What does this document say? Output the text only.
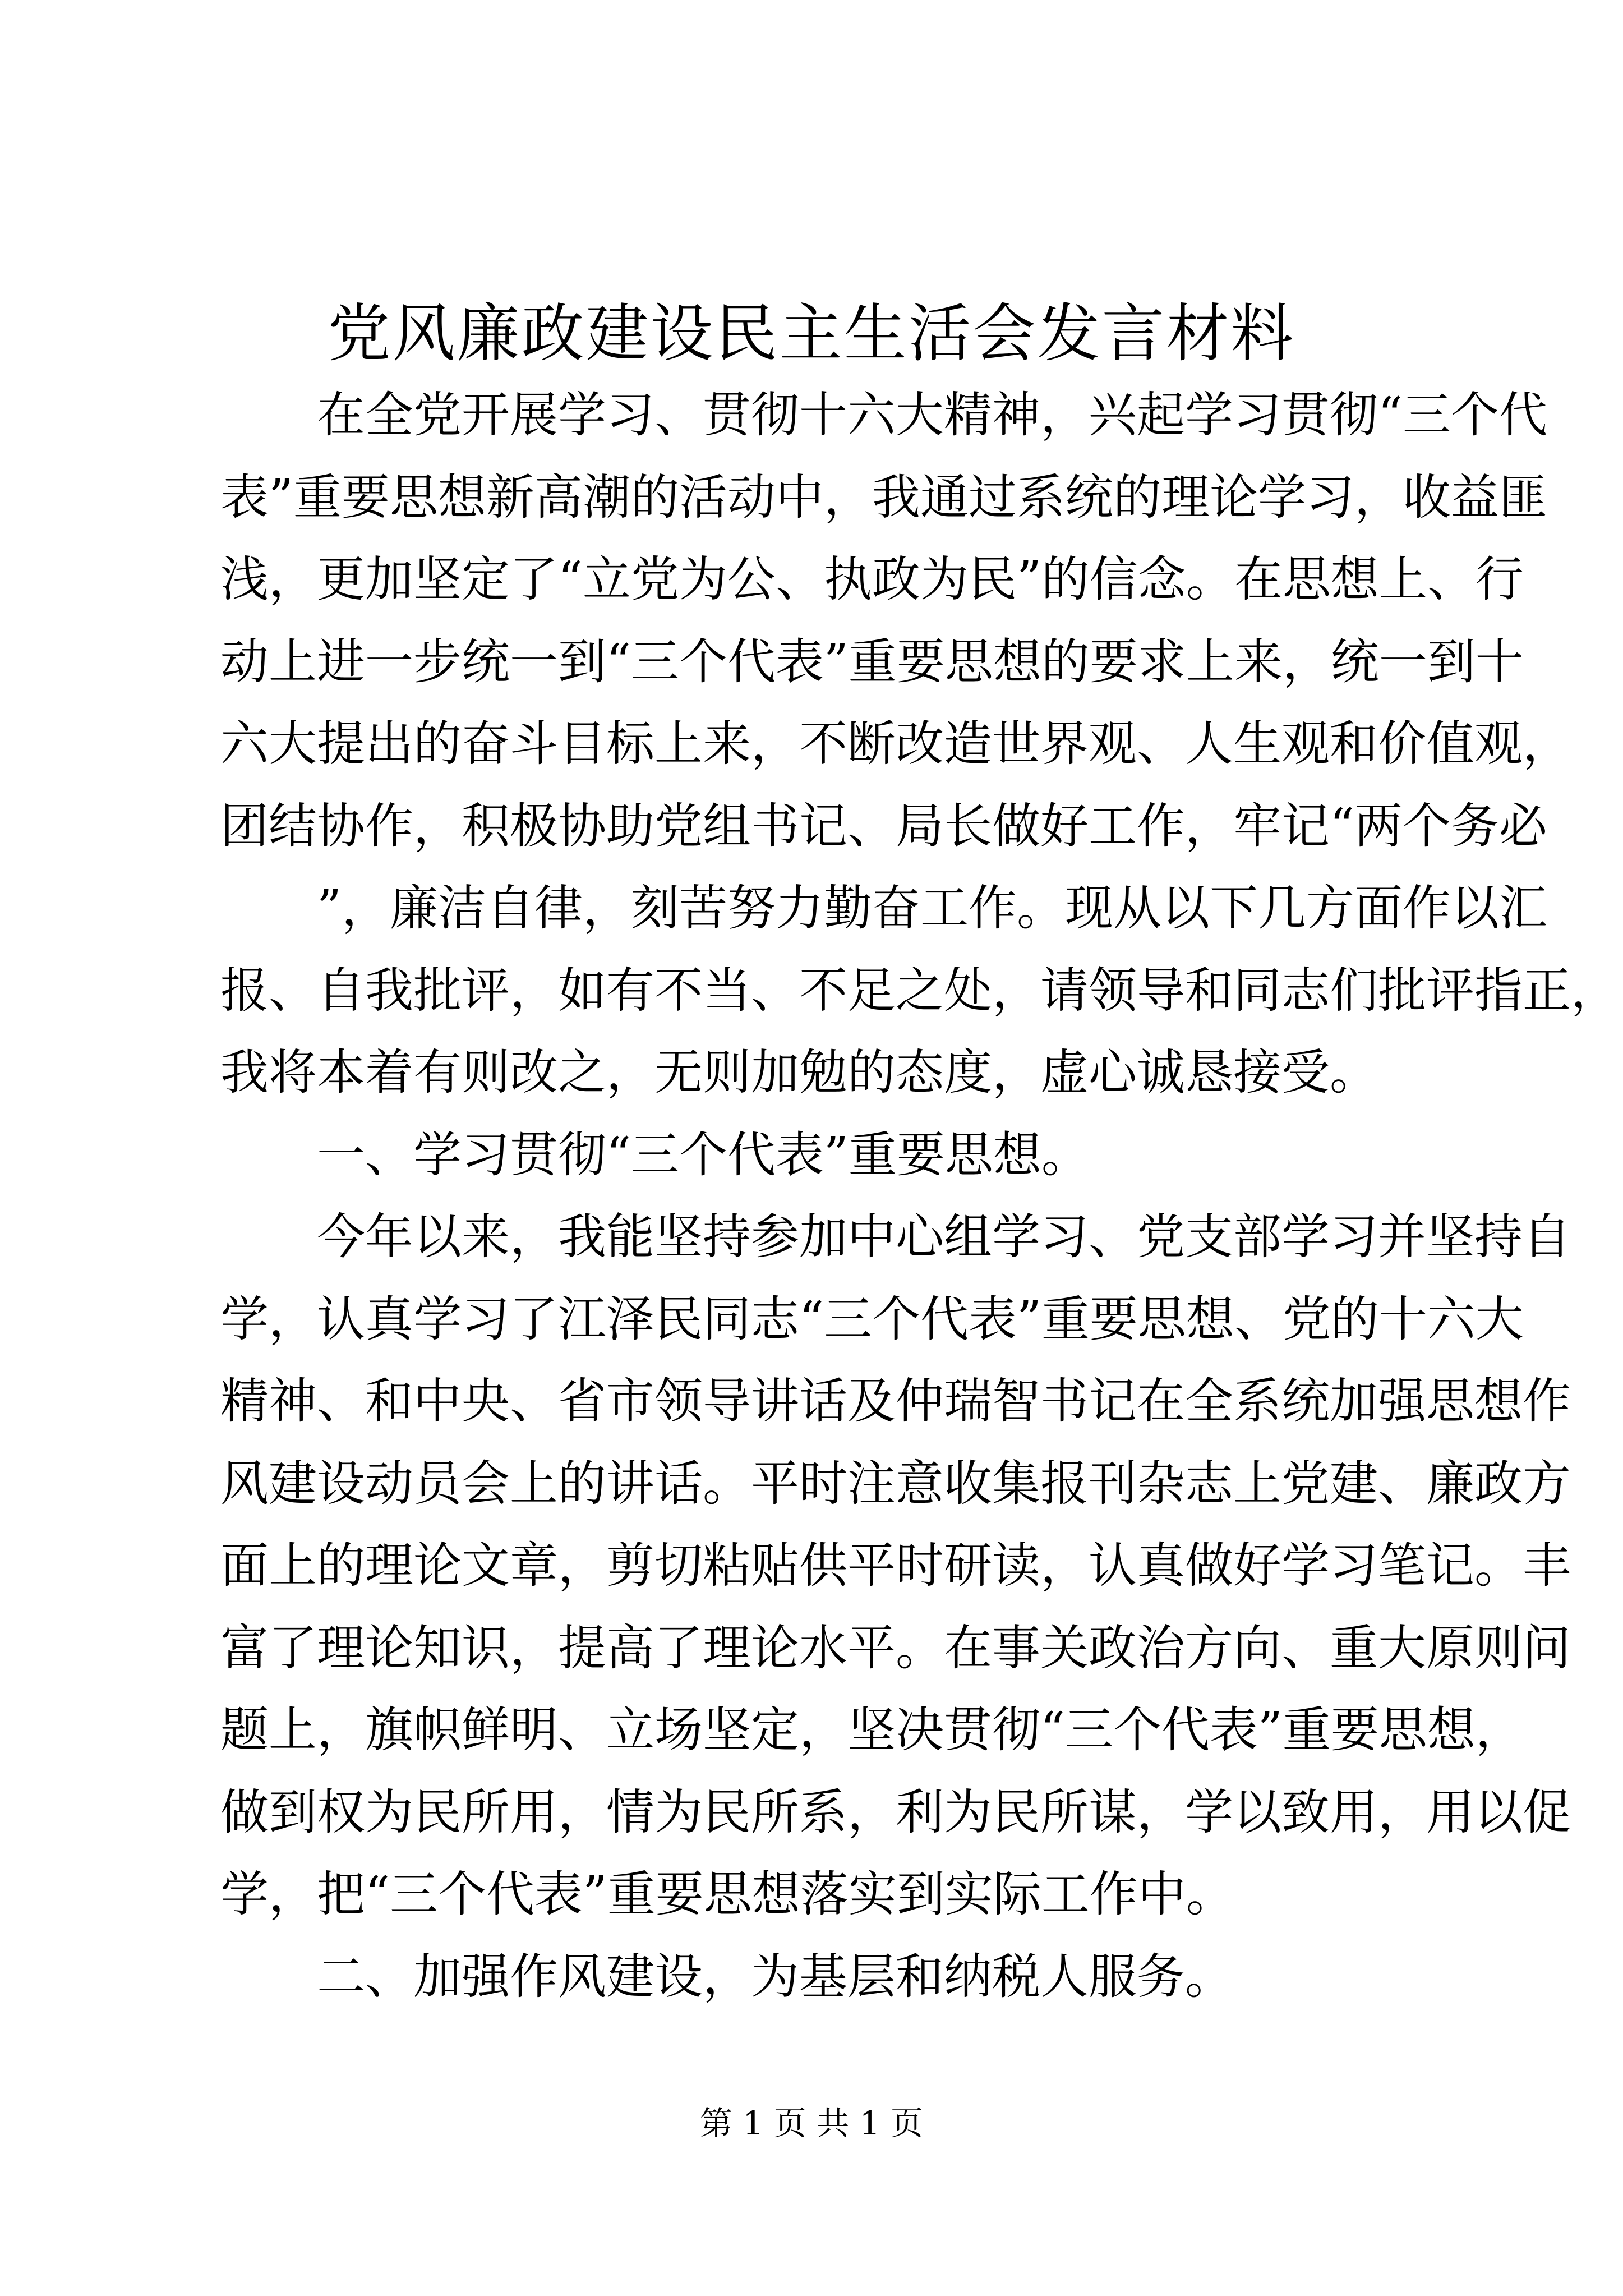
党风廉政建设民主生活会发言材料
　　在全党开展学习、贯彻十六大精神，兴起学习贯彻“三个代
表”重要思想新高潮的活动中，我通过系统的理论学习，收益匪
浅，更加坚定了“立党为公、执政为民”的信念。在思想上、行
动上进一步统一到“三个代表”重要思想的要求上来，统一到十
六大提出的奋斗目标上来，不断改造世界观、人生观和价值观，
团结协作，积极协助党组书记、局长做好工作，牢记“两个务必
　　”，廉洁自律，刻苦努力勤奋工作。现从以下几方面作以汇
报、自我批评，如有不当、不足之处，请领导和同志们批评指正，
我将本着有则改之，无则加勉的态度，虚心诚恳接受。
　　一、学习贯彻“三个代表”重要思想。
　　今年以来，我能坚持参加中心组学习、党支部学习并坚持自
学，认真学习了江泽民同志“三个代表”重要思想、党的十六大
精神、和中央、省市领导讲话及仲瑞智书记在全系统加强思想作
风建设动员会上的讲话。平时注意收集报刊杂志上党建、廉政方
面上的理论文章，剪切粘贴供平时研读，认真做好学习笔记。丰
富了理论知识，提高了理论水平。在事关政治方向、重大原则问
题上，旗帜鲜明、立场坚定，坚决贯彻“三个代表”重要思想，
做到权为民所用，情为民所系，利为民所谋，学以致用，用以促
学，把“三个代表”重要思想落实到实际工作中。
　　二、加强作风建设，为基层和纳税人服务。
第 1 页 共 1 页
